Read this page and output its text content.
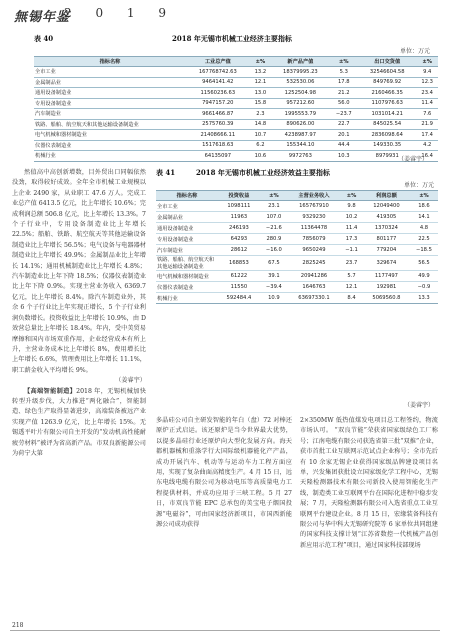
無锡年鉴
2 0 1 9
表 40	2018 年无锡市机械工业经济主要指标
单位：万元
指标名称	工业总产值	±%	新产品产值	±%	出口交货值	±%
全市工业	167768742.63	13.2	18379995.23	5.3	32546604.58	9.4
金属制品业	9464141.42	12.1	532530.06	17.8	849769.92	12.3
通用设备制造业	11560236.63	13.0	1252504.98	21.2	2160466.35	23.4
专用设备制造业	7947157.20	15.8	957212.60	56.0	1107976.63	11.4
汽车制造业	9661466.87	2.3	1995553.79	−23.7	1031014.21	7.6
铁路、船舶、航空航天和其他运输设备制造业	2575760.39	14.8	890626.00	22.7	845025.54	21.9
电气机械和器材制造业	21408666.11	10.7	4238987.97	20.1	2836098.64	17.4
仪器仪表制造业	1517618.63	6.2	155344.10	44.4	149330.35	4.2
机械行业	64135097	10.6	9972763	10.3	8979931	16.4
（姜睿宇）

然值高中高创新增数，目外贸出口同幅依然没劲，取得较好成效。全年全市机械工业规模以上企业 2490 家，从业职工 47.6 万人。完成工业总产值 6413.5 亿元，比上年增长 10.6%；完成利润总额 506.8 亿元，比上年增长 13.3%。7 个子行业中，专用设备制造业比上年增长 22.5%；船舶、铁路、航空航天等其他运输设备制造业比上年增长 56.5%；电气设备与电器器材制造业比上年增长 49.9%；金属制品业比上年增长 14.1%；通用机械制造业比上年增长 4.8%；汽车制造业比上年下降 18.5%；仪器仪表制造业比上年下降 0.9%。实现主营业务收入 6369.7 亿元，比上年增长 8.4%。除汽车制造业外，其余 6 个子行业比上年实现正增长，5 个子行业利润负数增长。投资收益比上年增长 10.9%，由 D 效营总量比上年增长 18.4%。年内，受中美贸易摩擦和国内市场双重作用，企业经营成本有所上升，主营业务成本比上年增长 8%，费用增长比上年增长 6.6%，管理费用比上年增长 11.1%，职工薪金收入平均增长 9%。

（姜睿宇）

【高端智能制造】2018 年，无锡机械加快转型升级步伐，大力推进“两化融合”，智能制造、绿色生产取得显著进步，高端装备被远产业实现产值 1263.9 亿元，比上年增长 15%。无锡透平叶片有限公司自主开发的“发动机高性能耐疲劳材料”被评为省高新产品。市双良新能源公司为荷宁大第

表 41	2018 年无锡市机械工业经济效益主要指标
单位：万元
指标名称	投资收益	±%	主营业务收入	±%	利润总额	±%
全市工业	1098111	23.1	165767910	9.8	12049400	18.6
金属制品业	11963	107.0	9329230	10.2	419305	14.1
通用设备制造业	246193	−21.6	11364478	11.4	1370324	4.8
专用设备制造业	64293	280.9	7856079	17.3	801177	22.5
汽车制造业	28612	−16.0	9650249	−1.1	779204	−18.5
铁路、船舶、航空航天和其他运输设备制造业	168853	67.5	2825245	23.7	329674	56.5
电气机械和器材制造业	61222	39.1	20941286	5.7	1177497	49.9
仪器仪表制造业	11550	−39.4	1646763	12.1	192981	−0.9
机械行业	592484.4	10.9	63697330.1	8.4	5069560.8	13.3
（姜睿宇）

多晶硅公司自主研发智能的年白（盘）72 对棒还原炉正式启运。该还原炉是当今世界最大优势，以提多晶硅行业还原炉向大型化发展方向。海天都机器械和重涤学行大国际级机器能化产产品，成功开展汽车、机动等与运动车力工程方面应用，实现了复杂曲面高精度生产。4 月 15 日，远东电线电缆有限公司为移动电压等高质量电力工程提供材料，并成功应用于三峡工程。5 月 27 日，市双良节能 EPC 总承包的美宝电子烟国投源“电磁谷”，可由国家经济新项目，市国西新能源公司成功获得

2×350MW 低热值煤发电项目总工程签约，物流市场认可。 “双良节能”荣获省国家级绿色工厂称号；江南电缆有限公司获选省第三批“双推”企业，获市首批工业互联网示范试点企业称号；全市先后有 10 余家无锡企业获得国家级品牌建设项目名单，兴发集团获批设立国家级化学工程中心，无锡天隆检测器技术有限公司新投入使用智能化生产线，制造类工业互联网平台在国际化进程中稳步发展；7 月，天隆检测器有限公司入选省重点工业互联网平台建设企业。8 月 15 日，宏缘装备科技有限公司与华中科大无锡研究院等 6 家单位共同组建的国家科技支撑计划“江苏省数控一代机械产品创新应用示范工程”项目，通过国家科技部现场

218
